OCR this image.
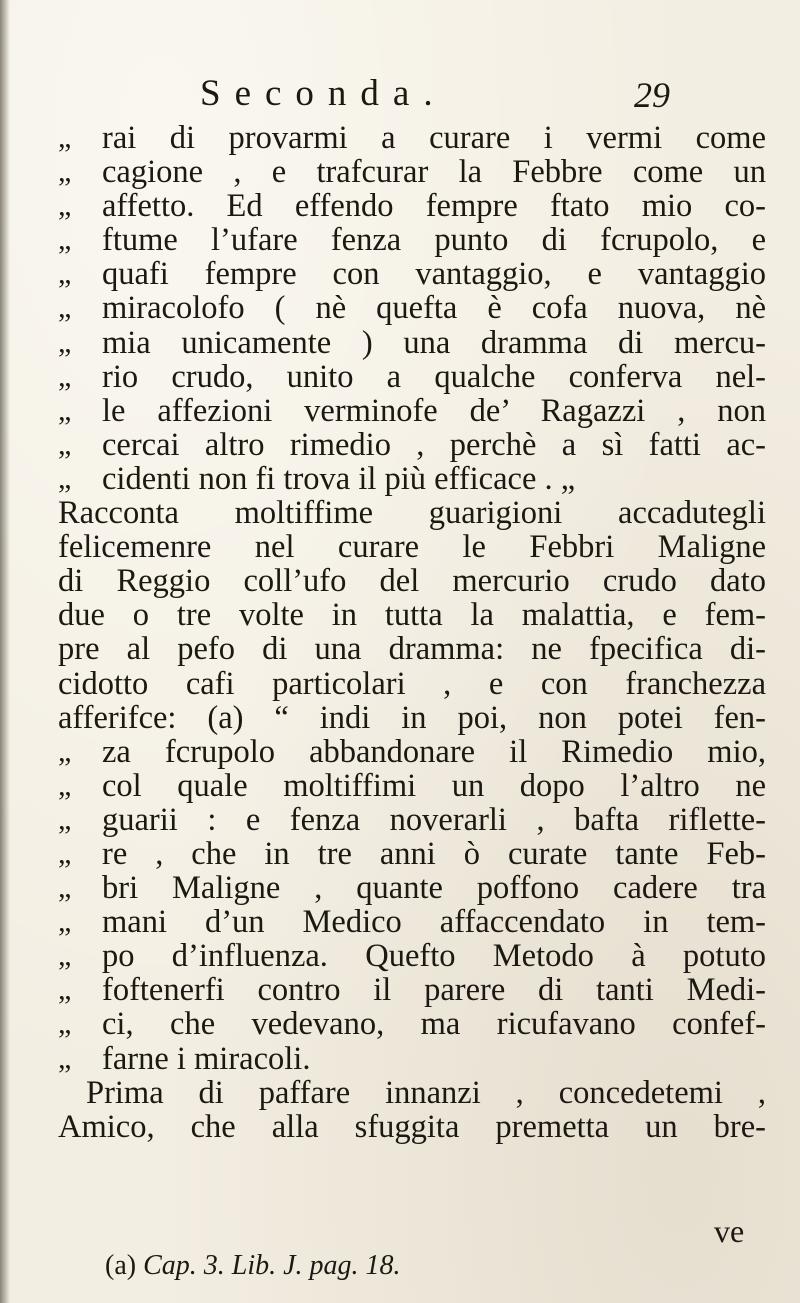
Seconda.	29
„ rai di provarmi a curare i vermi come
„ cagione , e trafcurar la Febbre come un
„ affetto. Ed effendo fempre ftato mio co-
„ ftume l’ufare fenza punto di fcrupolo, e
„ quafi fempre con vantaggio, e vantaggio
„ miracolofo ( nè quefta è cofa nuova, nè
„ mia unicamente ) una dramma di mercu-
„ rio crudo, unito a qualche conferva nel-
„ le affezioni verminofe de’ Ragazzi , non
„ cercai altro rimedio , perchè a sì fatti ac-
„ cidenti non fi trova il più efficace . „
Racconta moltiffime guarigioni accadutegli
felicemenre nel curare le Febbri Maligne
di Reggio coll’ufo del mercurio crudo dato
due o tre volte in tutta la malattia, e fem-
pre al pefo di una dramma: ne fpecifica di-
cidotto cafi particolari , e con franchezza
afferifce: (a) “ indi in poi, non potei fen-
„ za fcrupolo abbandonare il Rimedio mio,
„ col quale moltiffimi un dopo l’altro ne
„ guarii : e fenza noverarli , bafta riflette-
„ re , che in tre anni ò curate tante Feb-
„ bri Maligne , quante poffono cadere tra
„ mani d’un Medico affaccendato in tem-
„ po d’influenza. Quefto Metodo à potuto
„ foftenerfi contro il parere di tanti Medi-
„ ci, che vedevano, ma ricufavano confef-
„ farne i miracoli.
Prima di paffare innanzi , concedetemi ,
Amico, che alla sfuggita premetta un bre-
ve
(a) Cap. 3. Lib. J. pag. 18.
